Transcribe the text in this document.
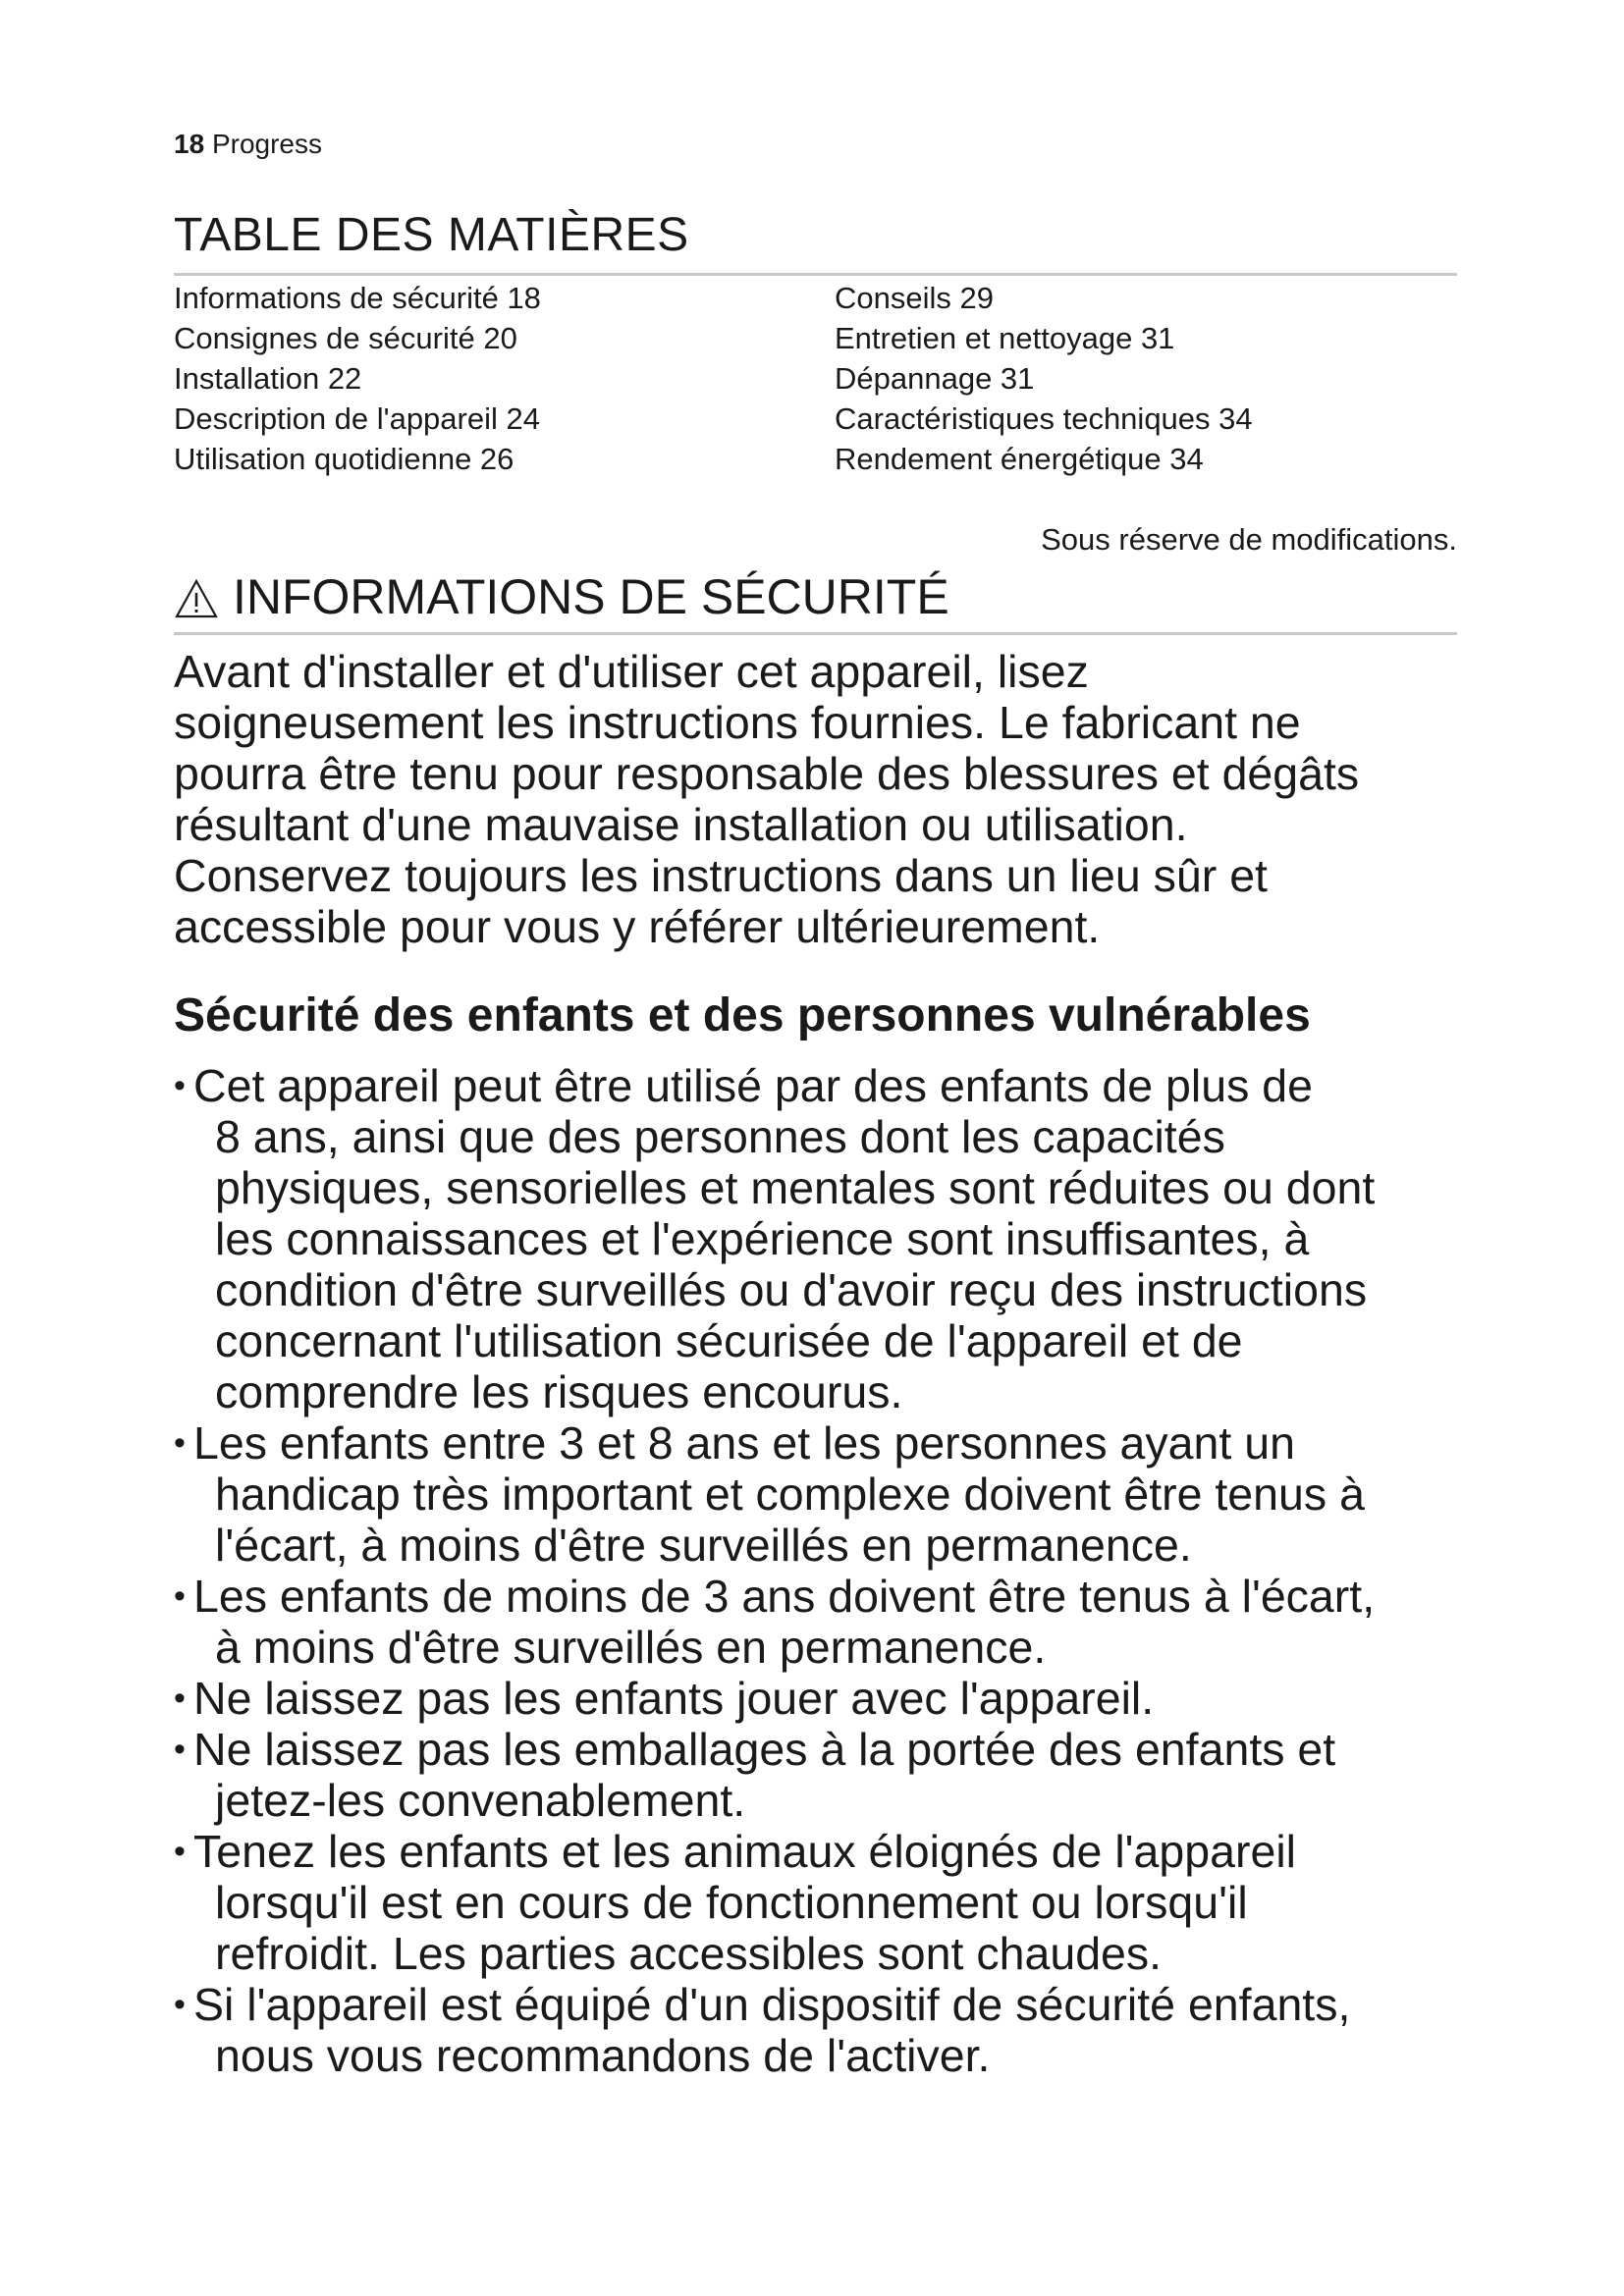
18 Progress
TABLE DES MATIÈRES
Informations de sécurité 18
Consignes de sécurité 20
Installation 22
Description de l'appareil 24
Utilisation quotidienne 26
Conseils 29
Entretien et nettoyage 31
Dépannage 31
Caractéristiques techniques 34
Rendement énergétique 34
Sous réserve de modifications.
INFORMATIONS DE SÉCURITÉ

Avant d'installer et d'utiliser cet appareil, lisez
soigneusement les instructions fournies. Le fabricant ne
pourra être tenu pour responsable des blessures et dégâts
résultant d'une mauvaise installation ou utilisation.
Conservez toujours les instructions dans un lieu sûr et
accessible pour vous y référer ultérieurement.

Sécurité des enfants et des personnes vulnérables
• Cet appareil peut être utilisé par des enfants de plus de
8 ans, ainsi que des personnes dont les capacités
physiques, sensorielles et mentales sont réduites ou dont
les connaissances et l'expérience sont insuffisantes, à
condition d'être surveillés ou d'avoir reçu des instructions
concernant l'utilisation sécurisée de l'appareil et de
comprendre les risques encourus.
• Les enfants entre 3 et 8 ans et les personnes ayant un
handicap très important et complexe doivent être tenus à
l'écart, à moins d'être surveillés en permanence.
• Les enfants de moins de 3 ans doivent être tenus à l'écart,
à moins d'être surveillés en permanence.
• Ne laissez pas les enfants jouer avec l'appareil.
• Ne laissez pas les emballages à la portée des enfants et
jetez-les convenablement.
• Tenez les enfants et les animaux éloignés de l'appareil
lorsqu'il est en cours de fonctionnement ou lorsqu'il
refroidit. Les parties accessibles sont chaudes.
• Si l'appareil est équipé d'un dispositif de sécurité enfants,
nous vous recommandons de l'activer.
